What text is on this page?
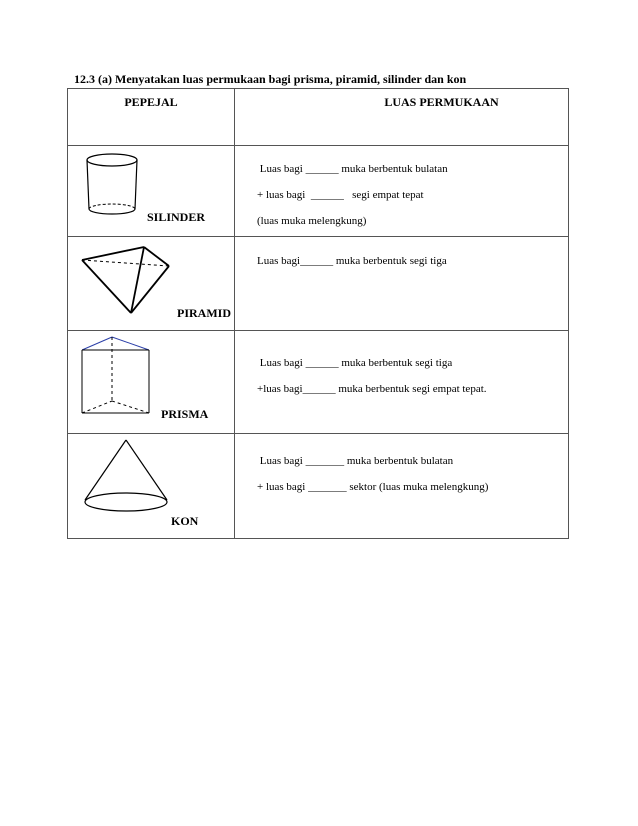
12.3 (a) Menyatakan luas permukaan bagi prisma, piramid, silinder dan kon
PEPEJAL	LUAS PERMUKAAN

SILINDER	Luas bagi ______ muka berbentuk bulatan
+ luas bagi  ______   segi empat tepat
(luas muka melengkung)

PIRAMID	Luas bagi______ muka berbentuk segi tiga

PRISMA	Luas bagi ______ muka berbentuk segi tiga
+luas bagi______ muka berbentuk segi empat tepat.

KON	Luas bagi _______ muka berbentuk bulatan
+ luas bagi _______ sektor (luas muka melengkung)
